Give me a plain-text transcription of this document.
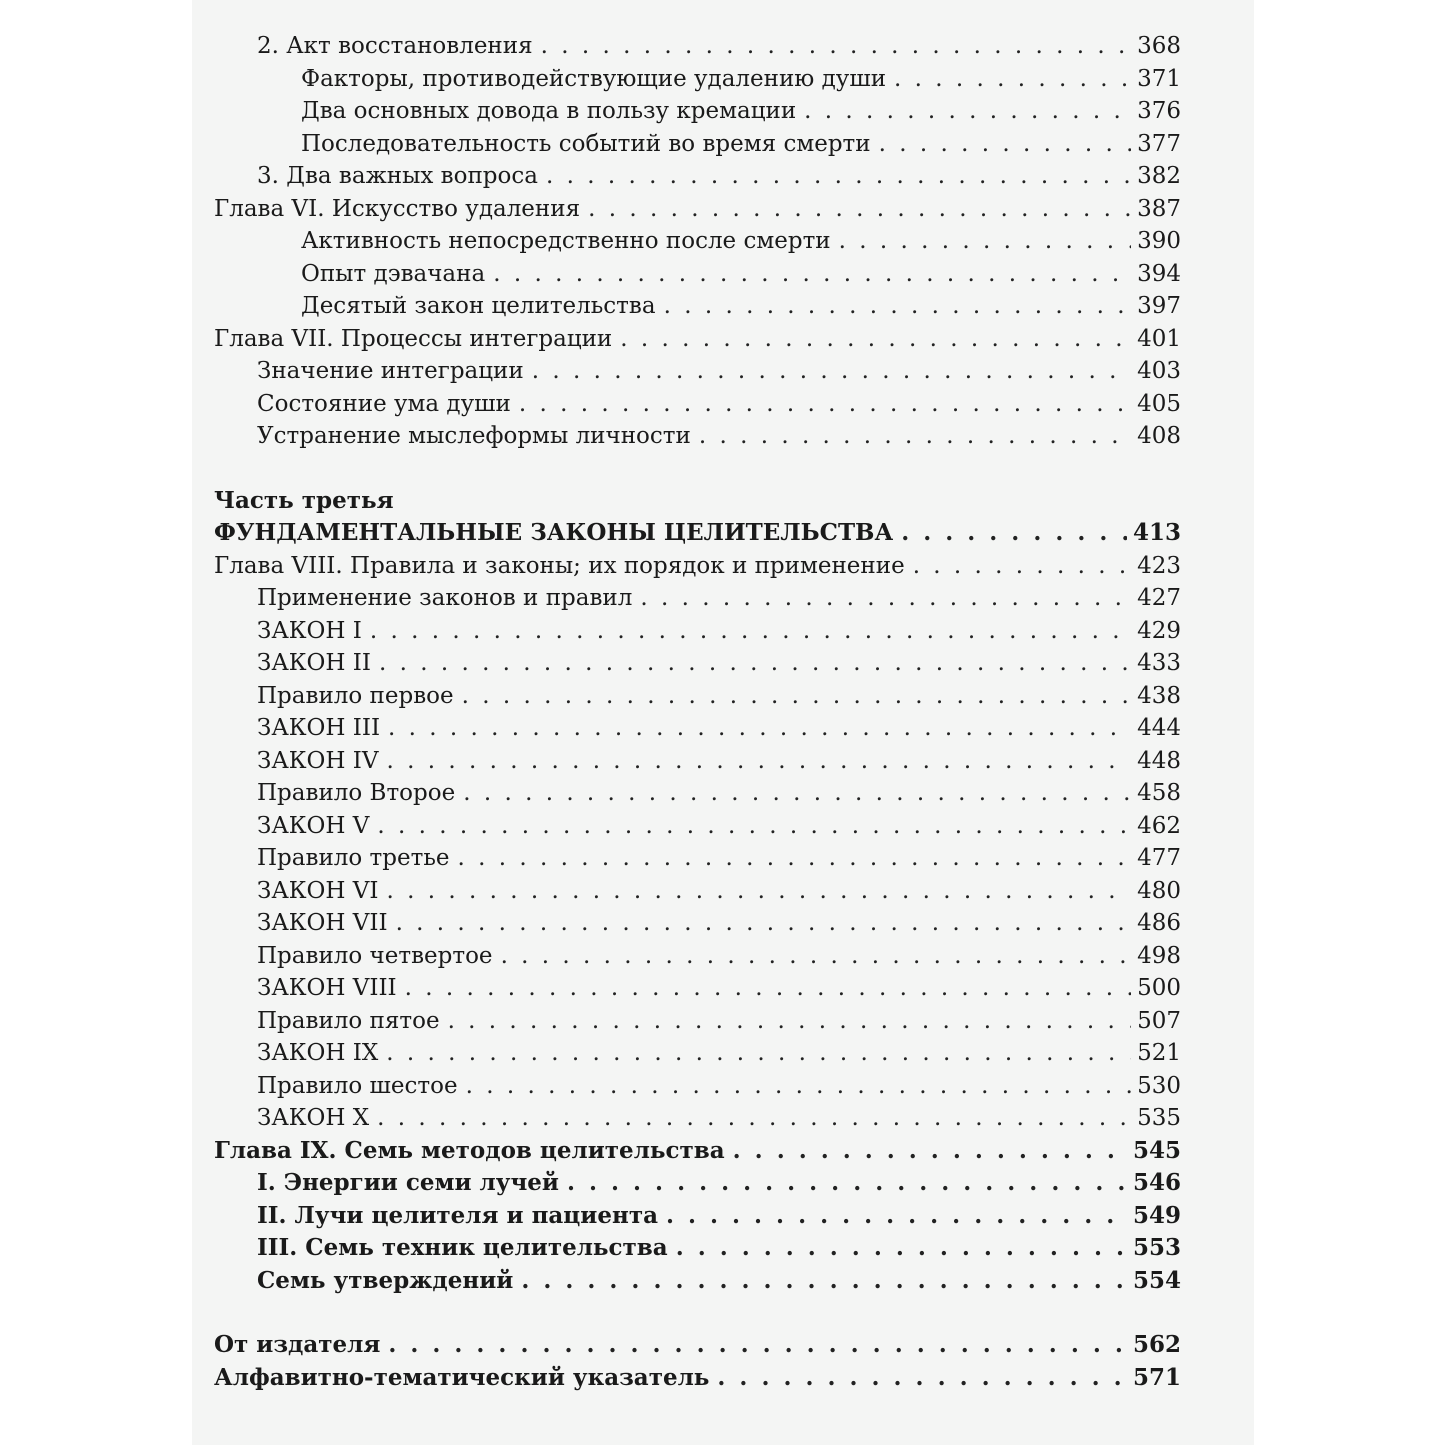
2. Акт восстановления . . .	368
Факторы, противодействующие удалению души . . .	371
Два основных довода в пользу кремации . . .	376
Последовательность событий во время смерти . . .	377
3. Два важных вопроса . . .	382
Глава VI. Искусство удаления . . .	387
Активность непосредственно после смерти . . .	390
Опыт дэвачана . . .	394
Десятый закон целительства . . .	397
Глава VII. Процессы интеграции . . .	401
Значение интеграции . . .	403
Состояние ума души . . .	405
Устранение мыслеформы личности . . .	408
Часть третья
ФУНДАМЕНТАЛЬНЫЕ ЗАКОНЫ ЦЕЛИТЕЛЬСТВА . . .	413
Глава VIII. Правила и законы; их порядок и применение . . .	423
Применение законов и правил . . .	427
ЗАКОН I . . .	429
ЗАКОН II . . .	433
Правило первое . . .	438
ЗАКОН III . . .	444
ЗАКОН IV . . .	448
Правило Второе . . .	458
ЗАКОН V . . .	462
Правило третье . . .	477
ЗАКОН VI . . .	480
ЗАКОН VII . . .	486
Правило четвертое . . .	498
ЗАКОН VIII . . .	500
Правило пятое . . .	507
ЗАКОН IX . . .	521
Правило шестое . . .	530
ЗАКОН X . . .	535
Глава IX. Семь методов целительства . . .	545
I. Энергии семи лучей . . .	546
II. Лучи целителя и пациента . . .	549
III. Семь техник целительства . . .	553
Семь утверждений . . .	554
От издателя . . .	562
Алфавитно-тематический указатель . . .	571
